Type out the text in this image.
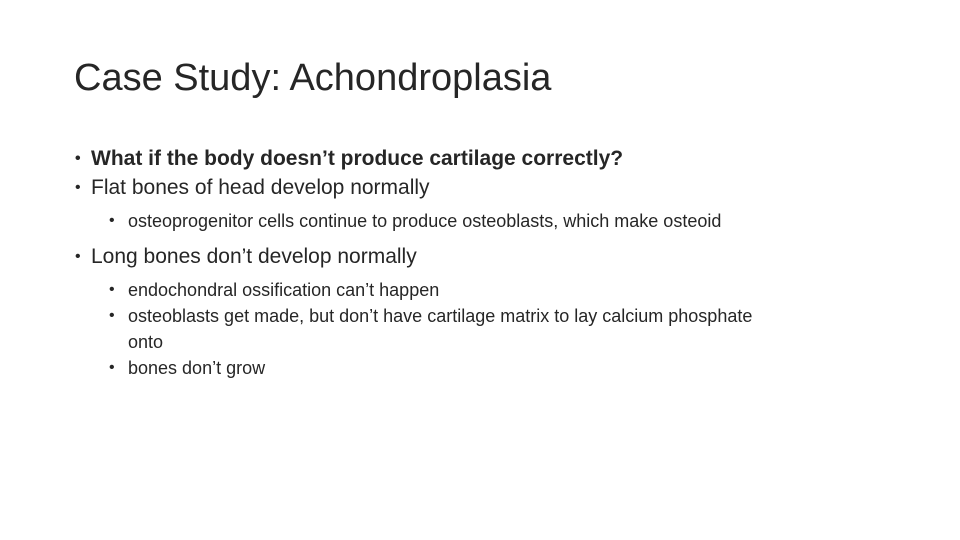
Case Study: Achondroplasia
• What if the body doesn’t produce cartilage correctly?
• Flat bones of head develop normally
• osteoprogenitor cells continue to produce osteoblasts, which make osteoid
• Long bones don’t develop normally
• endochondral ossification can’t happen
• osteoblasts get made, but don’t have cartilage matrix to lay calcium phosphate onto
• bones don’t grow
